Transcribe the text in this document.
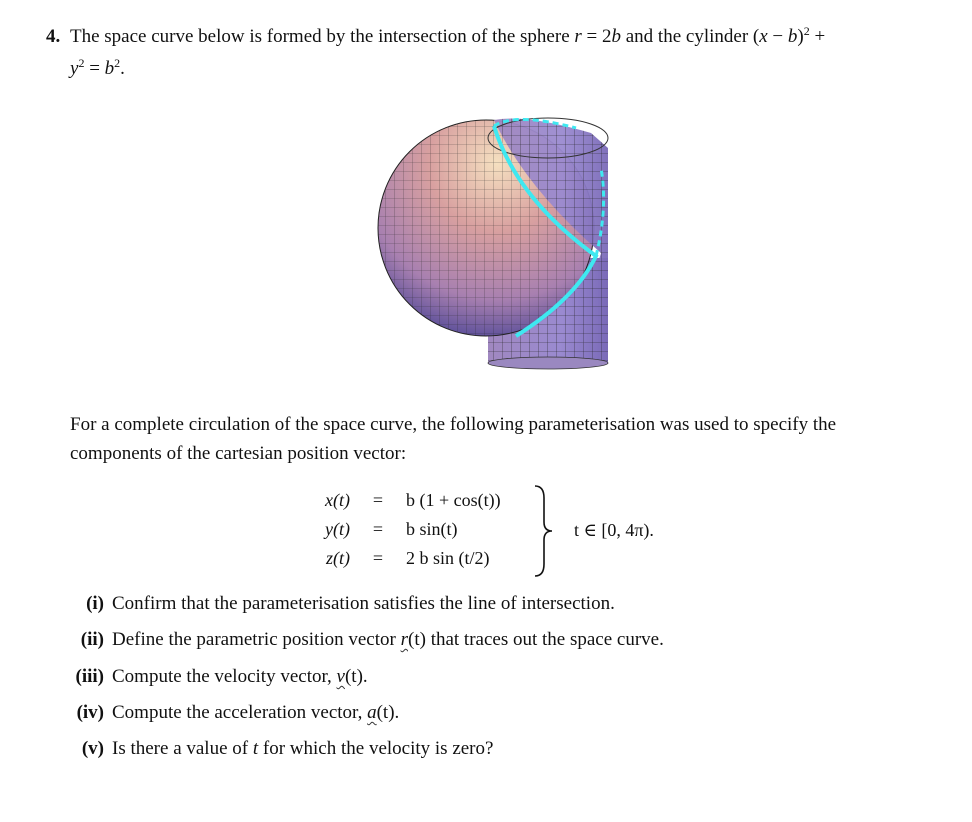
4. The space curve below is formed by the intersection of the sphere r = 2b and the cylinder $(x - b)^2$ +
$y^2 = b^2$.
For a complete circulation of the space curve, the following parameterisation was used to specify the
components of the cartesian position vector:
x(t) = b (1 + cos(t))
y(t) = b sin(t)
z(t) = 2 b sin (t/2)
t ∈ [0, 4π).
(i) Confirm that the parameterisation satisfies the line of intersection.
(ii) Define the parametric position vector r(t) that traces out the space curve.
(iii) Compute the velocity vector, v(t).
(iv) Compute the acceleration vector, a(t).
(v) Is there a value of t for which the velocity is zero?
